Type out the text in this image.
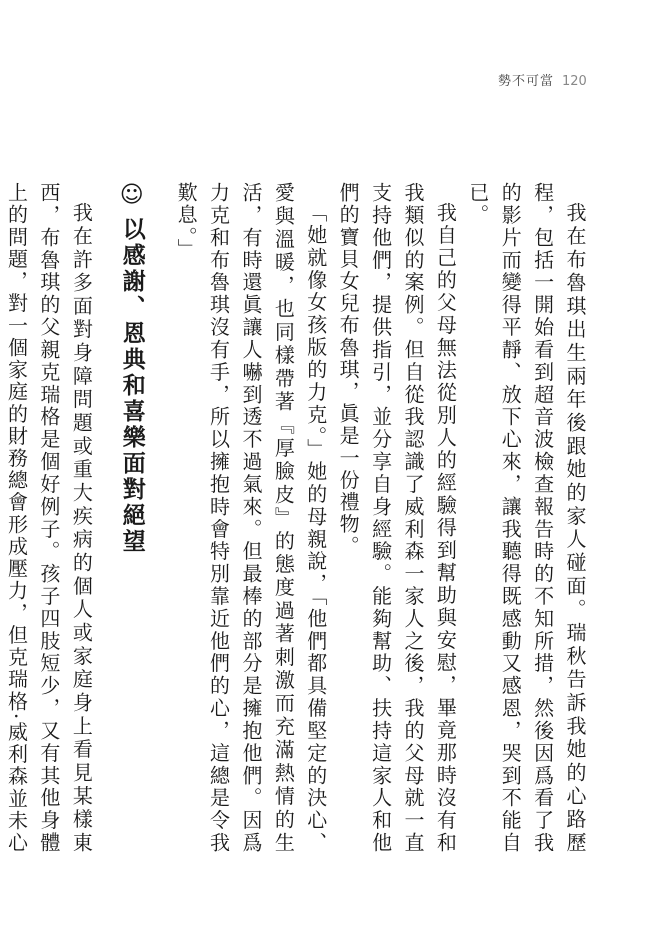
勢不可當 120

我在布魯琪出生兩年後跟她的家人碰面。瑞秋告訴我她的心路歷程，包括一開始看到超音波檢查報告時的不知所措，然後因爲看了我的影片而變得平靜、放下心來，讓我聽得既感動又感恩，哭到不能自已。

我自己的父母無法從別人的經驗得到幫助與安慰，畢竟那時沒有和我類似的案例。但自從我認識了威利森一家人之後，我的父母就一直支持他們，提供指引，並分享自身經驗。能夠幫助、扶持這家人和他們的寶貝女兒布魯琪，眞是一份禮物。

「她就像女孩版的力克。」她的母親說，「他們都具備堅定的決心、愛與溫暖，也同樣帶著『厚臉皮』的態度過著刺激而充滿熱情的生活，有時還眞讓人嚇到透不過氣來。但最棒的部分是擁抱他們。因爲力克和布魯琪沒有手，所以擁抱時會特別靠近他們的心，這總是令我歎息。」

☺以感謝、恩典和喜樂面對絕望

我在許多面對身障問題或重大疾病的個人或家庭身上看見某樣東西，布魯琪的父親克瑞格是個好例子。孩子四肢短少，又有其他身體上的問題，對一個家庭的財務總會形成壓力，但克瑞格·威利森並未心
